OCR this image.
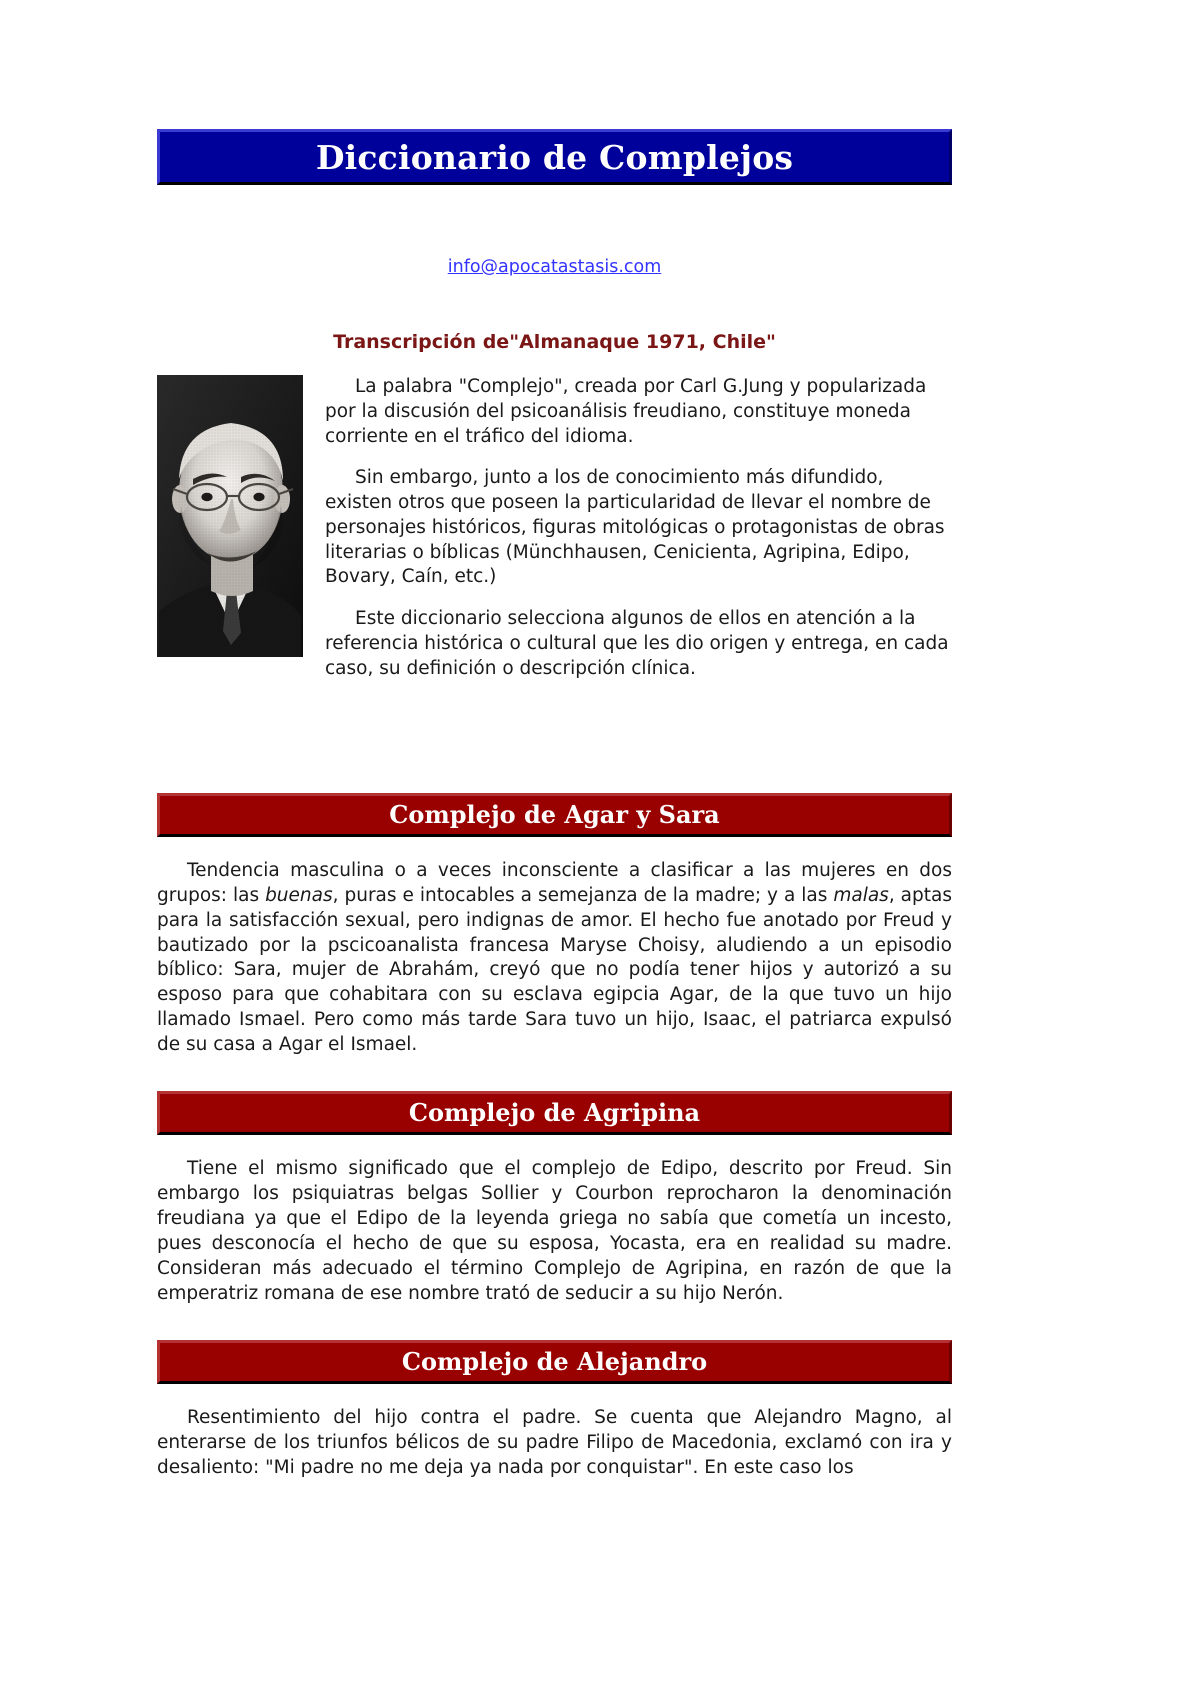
Diccionario de Complejos
info@apocatastasis.com
Transcripción de"Almanaque 1971, Chile"

La palabra "Complejo", creada por Carl G.Jung y popularizada por la discusión del psicoanálisis freudiano, constituye moneda corriente en el tráfico del idioma.

Sin embargo, junto a los de conocimiento más difundido, existen otros que poseen la particularidad de llevar el nombre de personajes históricos, figuras mitológicas o protagonistas de obras literarias o bíblicas (Münchhausen, Cenicienta, Agripina, Edipo, Bovary, Caín, etc.)

Este diccionario selecciona algunos de ellos en atención a la referencia histórica o cultural que les dio origen y entrega, en cada caso, su definición o descripción clínica.

Complejo de Agar y Sara

Tendencia masculina o a veces inconsciente a clasificar a las mujeres en dos grupos: las buenas, puras e intocables a semejanza de la madre; y a las malas, aptas para la satisfacción sexual, pero indignas de amor. El hecho fue anotado por Freud y bautizado por la pscicoanalista francesa Maryse Choisy, aludiendo a un episodio bíblico: Sara, mujer de Abrahám, creyó que no podía tener hijos y autorizó a su esposo para que cohabitara con su esclava egipcia Agar, de la que tuvo un hijo llamado Ismael. Pero como más tarde Sara tuvo un hijo, Isaac, el patriarca expulsó de su casa a Agar el Ismael.

Complejo de Agripina

Tiene el mismo significado que el complejo de Edipo, descrito por Freud. Sin embargo los psiquiatras belgas Sollier y Courbon reprocharon la denominación freudiana ya que el Edipo de la leyenda griega no sabía que cometía un incesto, pues desconocía el hecho de que su esposa, Yocasta, era en realidad su madre. Consideran más adecuado el término Complejo de Agripina, en razón de que la emperatriz romana de ese nombre trató de seducir a su hijo Nerón.

Complejo de Alejandro

Resentimiento del hijo contra el padre. Se cuenta que Alejandro Magno, al enterarse de los triunfos bélicos de su padre Filipo de Macedonia, exclamó con ira y desaliento: "Mi padre no me deja ya nada por conquistar". En este caso los
